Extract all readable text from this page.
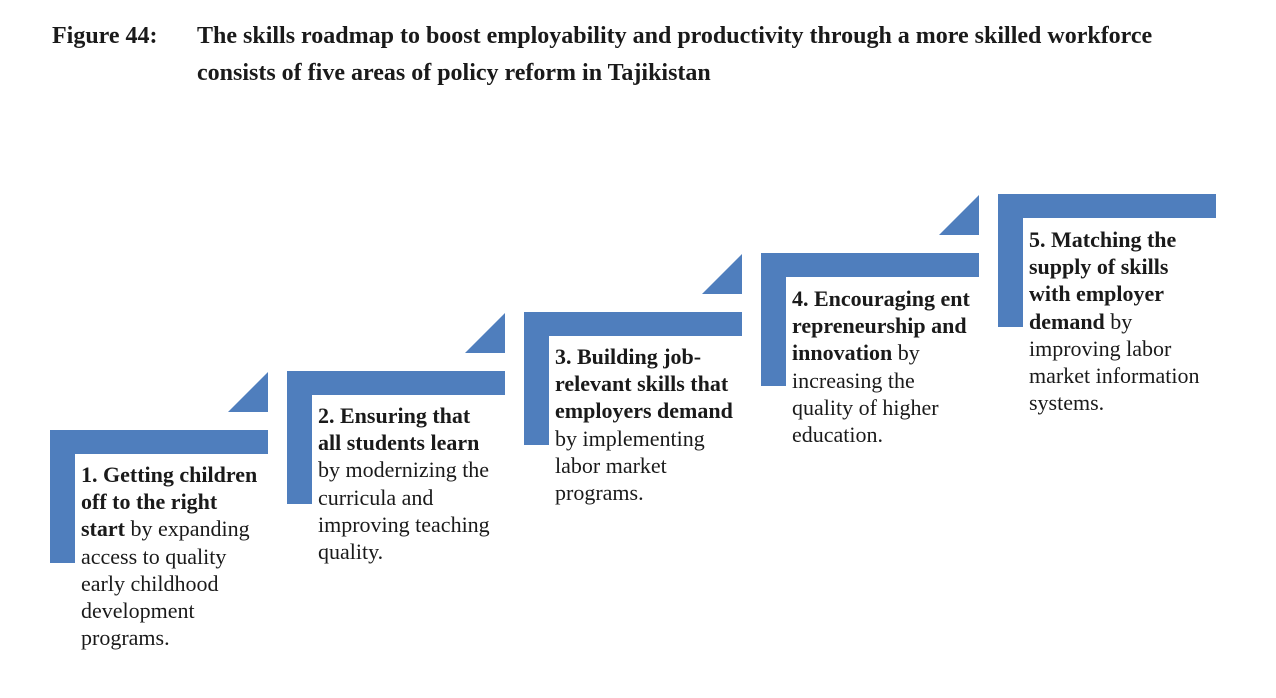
Figure 44: The skills roadmap to boost employability and productivity through a more skilled workforce consists of five areas of policy reform in Tajikistan
1. Getting children off to the right start by expanding access to quality early childhood development programs.
2. Ensuring that all students learn by modernizing the curricula and improving teaching quality.
3. Building job-relevant skills that employers demand by implementing labor market programs.
4. Encouraging entrepreneurship and innovation by increasing the quality of higher education.
5. Matching the supply of skills with employer demand by improving labor market information systems.
